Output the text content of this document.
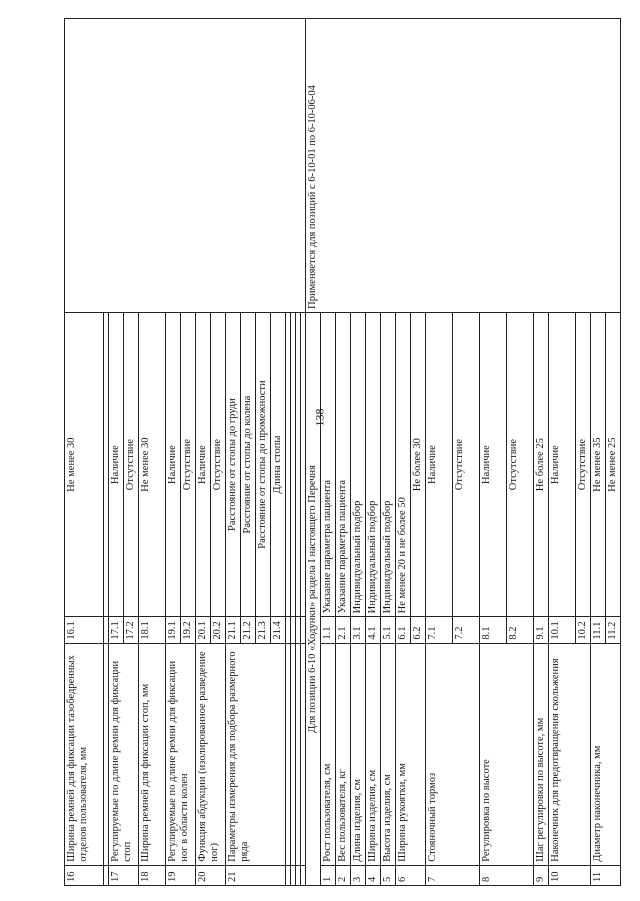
138
16	Ширина ремней для фиксации тазобедренных отделов пользователя, мм	16.1	Не менее 30	

17	Регулируемые по длине ремни для фиксации стоп	17.1	Наличие	
		17.2	Отсутствие	
18	Ширина ремней для фиксации стоп, мм	18.1	Не менее 30	
19	Регулируемые по длине ремни для фиксации ног в области колен	19.1	Наличие	
		19.2	Отсутствие	
20	Функция абдукции (изолированное разведение ног)	20.1	Наличие	
		20.2	Отсутствие	
21	Параметры измерения для подбора размерного ряда	21.1	Расстояние от стопы до груди	
		21.2	Расстояние от стопы до колена	
		21.3	Расстояние от стопы до промежности	
		21.4	Длина стопы	

Для позиции 6-10 «Ходунки» раздела I настоящего Перечня				Применяется для позиций с 6-10-01 по 6-10-06-04
1	Рост пользователя, см	1.1	Указание параметра пациента	
2	Вес пользователя, кг	2.1	Указание параметра пациента	
3	Длина изделия, см	3.1	Индивидуальный подбор	
4	Ширина изделия, см	4.1	Индивидуальный подбор	
5	Высота изделия, см	5.1	Индивидуальный подбор	
6	Ширина рукоятки, мм	6.1	Не менее 20 и не более 50	
		6.2	Не более 30	
7	Стояночный тормоз	7.1	Наличие	
		7.2	Отсутствие	
8	Регулировка по высоте	8.1	Наличие	
		8.2	Отсутствие	
9	Шаг регулировки по высоте, мм	9.1	Не более 25	
10	Наконечник для предотвращения скольжения	10.1	Наличие	
		10.2	Отсутствие	
11	Диаметр наконечника, мм	11.1	Не менее 35	
		11.2	Не менее 25	
